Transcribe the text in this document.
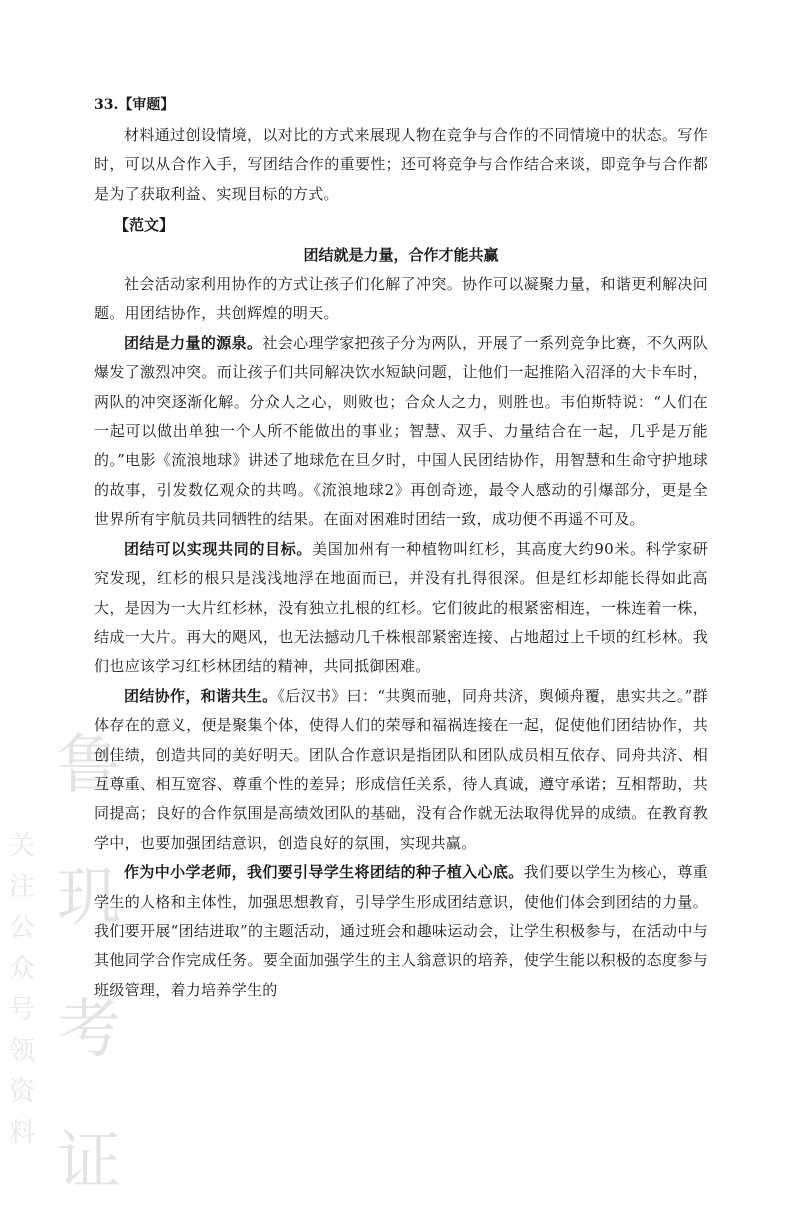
鲁
玑
考
证
关
注
公
众
号
领
资
料

33.【审题】

材料通过创设情境，以对比的方式来展现人物在竞争与合作的不同情境中的状态。写作时，可以从合作入手，写团结合作的重要性；还可将竞争与合作结合来谈，即竞争与合作都是为了获取利益、实现目标的方式。

【范文】

团结就是力量，合作才能共赢

社会活动家利用协作的方式让孩子们化解了冲突。协作可以凝聚力量，和谐更利解决问题。用团结协作，共创辉煌的明天。

团结是力量的源泉。社会心理学家把孩子分为两队，开展了一系列竞争比赛，不久两队爆发了激烈冲突。而让孩子们共同解决饮水短缺问题，让他们一起推陷入沼泽的大卡车时，两队的冲突逐渐化解。分众人之心，则败也；合众人之力，则胜也。韦伯斯特说：“人们在一起可以做出单独一个人所不能做出的事业；智慧、双手、力量结合在一起，几乎是万能的。”电影《流浪地球》讲述了地球危在旦夕时，中国人民团结协作，用智慧和生命守护地球的故事，引发数亿观众的共鸣。《流浪地球2》再创奇迹，最令人感动的引爆部分，更是全世界所有宇航员共同牺牲的结果。在面对困难时团结一致，成功便不再遥不可及。

团结可以实现共同的目标。美国加州有一种植物叫红杉，其高度大约90米。科学家研究发现，红杉的根只是浅浅地浮在地面而已，并没有扎得很深。但是红杉却能长得如此高大，是因为一大片红杉林，没有独立扎根的红杉。它们彼此的根紧密相连，一株连着一株，结成一大片。再大的飓风，也无法撼动几千株根部紧密连接、占地超过上千顷的红杉林。我们也应该学习红杉林团结的精神，共同抵御困难。

团结协作，和谐共生。《后汉书》曰：“共舆而驰，同舟共济，舆倾舟覆，患实共之。”群体存在的意义，便是聚集个体，使得人们的荣辱和福祸连接在一起，促使他们团结协作，共创佳绩，创造共同的美好明天。团队合作意识是指团队和团队成员相互依存、同舟共济、相互尊重、相互宽容、尊重个性的差异；形成信任关系，待人真诚，遵守承诺；互相帮助，共同提高；良好的合作氛围是高绩效团队的基础，没有合作就无法取得优异的成绩。在教育教学中，也要加强团结意识，创造良好的氛围，实现共赢。

作为中小学老师，我们要引导学生将团结的种子植入心底。我们要以学生为核心，尊重学生的人格和主体性，加强思想教育，引导学生形成团结意识，使他们体会到团结的力量。我们要开展“团结进取”的主题活动，通过班会和趣味运动会，让学生积极参与，在活动中与其他同学合作完成任务。要全面加强学生的主人翁意识的培养，使学生能以积极的态度参与班级管理，着力培养学生的
